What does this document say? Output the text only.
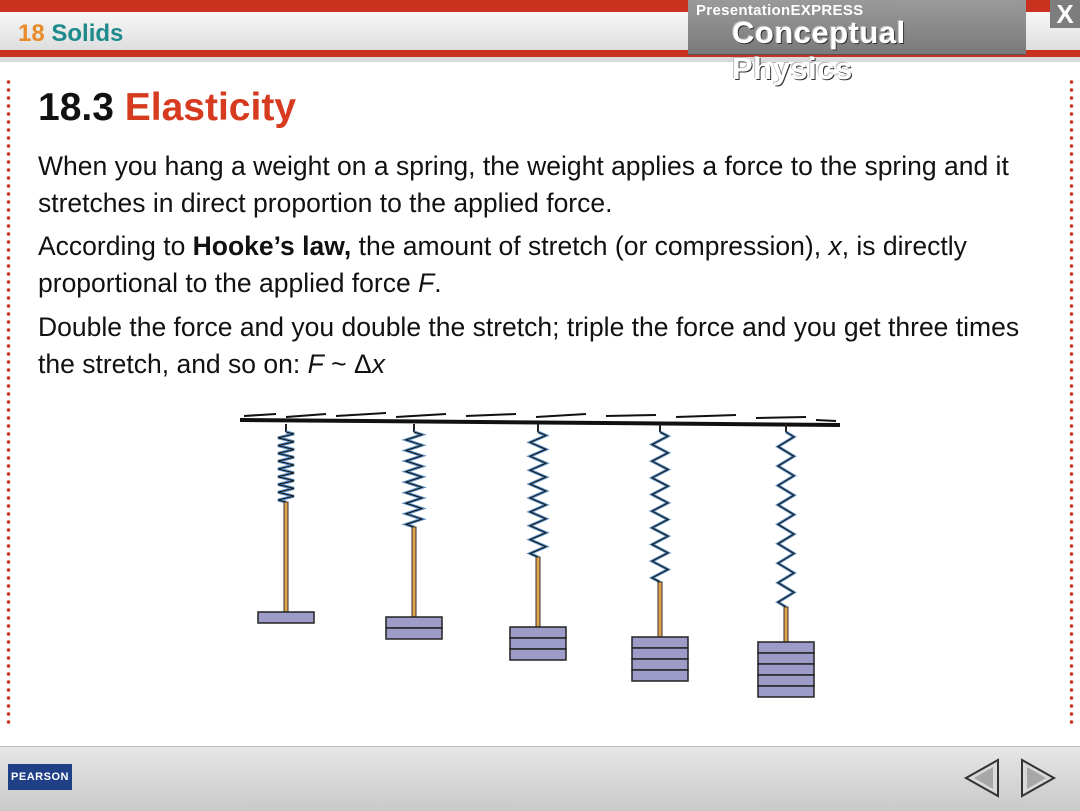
18 Solids
PresentationEXPRESS
Conceptual Physics
X
18.3 Elasticity
When you hang a weight on a spring, the weight applies a force to the spring and it stretches in direct proportion to the applied force.
According to Hooke’s law, the amount of stretch (or compression), x, is directly proportional to the applied force F.
Double the force and you double the stretch; triple the force and you get three times the stretch, and so on: F ~ Δx
PEARSON
